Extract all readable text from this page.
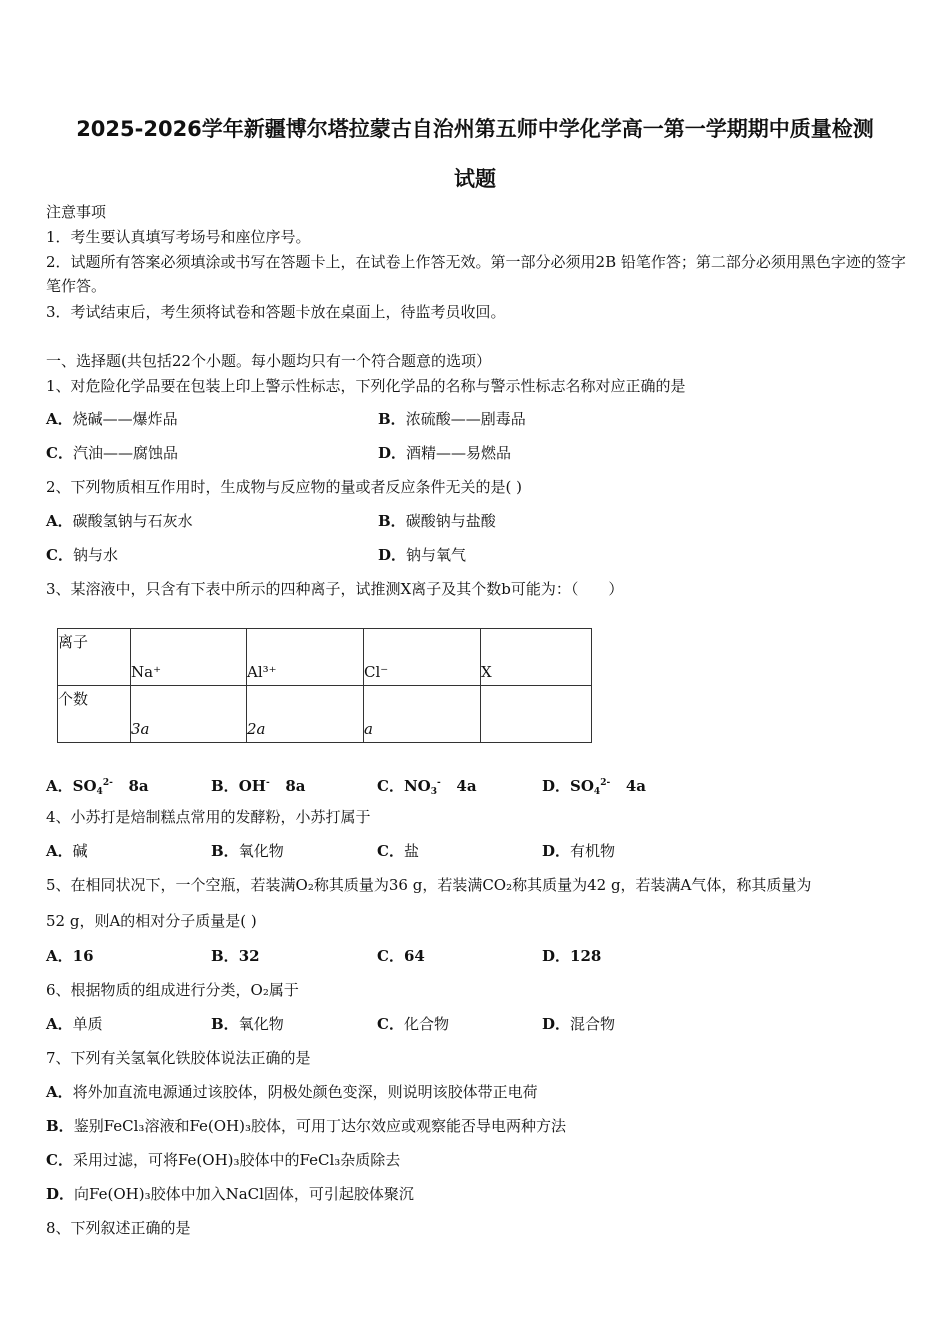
2025-2026学年新疆博尔塔拉蒙古自治州第五师中学化学高一第一学期期中质量检测
试题
注意事项
1．考生要认真填写考场号和座位序号。
2．试题所有答案必须填涂或书写在答题卡上，在试卷上作答无效。第一部分必须用2B 铅笔作答；第二部分必须用黑色字迹的签字笔作答。
3．考试结束后，考生须将试卷和答题卡放在桌面上，待监考员收回。
一、选择题(共包括22个小题。每小题均只有一个符合题意的选项）
1、对危险化学品要在包装上印上警示性标志，下列化学品的名称与警示性标志名称对应正确的是
A．烧碱——爆炸品	B．浓硫酸——剧毒品
C．汽油——腐蚀品	D．酒精——易燃品
2、下列物质相互作用时，生成物与反应物的量或者反应条件无关的是( )
A．碳酸氢钠与石灰水	B．碳酸钠与盐酸
C．钠与水	D．钠与氧气
3、某溶液中，只含有下表中所示的四种离子，试推测X离子及其个数b可能为：（　　）
离子	Na⁺	Al³⁺	Cl⁻	X

个数	3a	2a	a	

A．$SO_4^{2-}$ 8a	B．OH- 8a	C．$NO_3^-$ 4a	D．$SO_4^{2-}$ 4a
4、小苏打是焙制糕点常用的发酵粉，小苏打属于
A．碱	B．氧化物	C．盐	D．有机物
5、在相同状况下，一个空瓶，若装满O₂称其质量为36 g，若装满CO₂称其质量为42 g，若装满A气体，称其质量为
52 g，则A的相对分子质量是( )
A．16	B．32	C．64	D．128
6、根据物质的组成进行分类，O₂属于
A．单质	B．氧化物	C．化合物	D．混合物
7、下列有关氢氧化铁胶体说法正确的是
A．将外加直流电源通过该胶体，阴极处颜色变深，则说明该胶体带正电荷
B．鉴别FeCl₃溶液和Fe(OH)₃胶体，可用丁达尔效应或观察能否导电两种方法
C．采用过滤，可将Fe(OH)₃胶体中的FeCl₃杂质除去
D．向Fe(OH)₃胶体中加入NaCl固体，可引起胶体聚沉
8、下列叙述正确的是
